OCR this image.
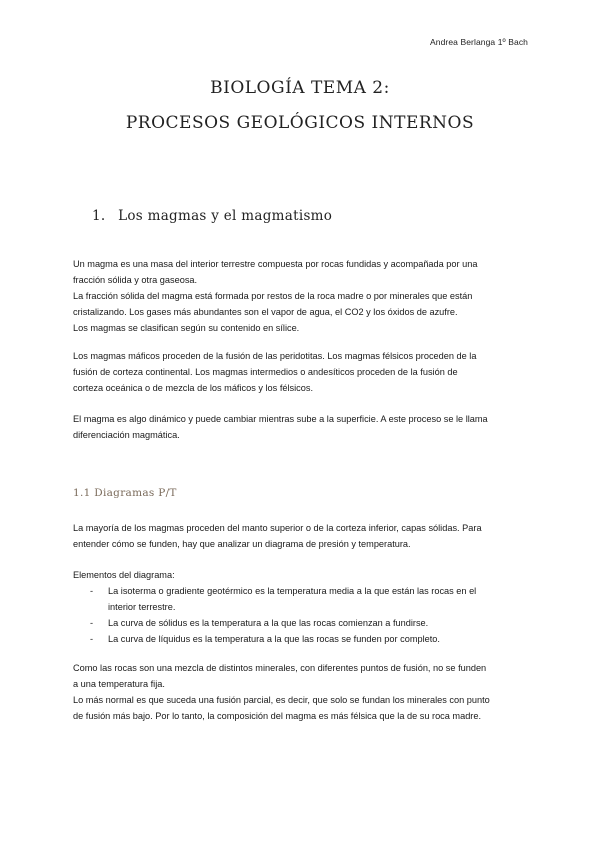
Andrea Berlanga 1º Bach
BIOLOGÍA TEMA 2:
PROCESOS GEOLÓGICOS INTERNOS
1. Los magmas y el magmatismo
Un magma es una masa del interior terrestre compuesta por rocas fundidas y acompañada por una
fracción sólida y otra gaseosa.
La fracción sólida del magma está formada por restos de la roca madre o por minerales que están
cristalizando. Los gases más abundantes son el vapor de agua, el CO2 y los óxidos de azufre.
Los magmas se clasifican según su contenido en sílice.
Los magmas máficos proceden de la fusión de las peridotitas. Los magmas félsicos proceden de la
fusión de corteza continental. Los magmas intermedios o andesíticos proceden de la fusión de
corteza oceánica o de mezcla de los máficos y los félsicos.
El magma es algo dinámico y puede cambiar mientras sube a la superficie. A este proceso se le llama
diferenciación magmática.
1.1 Diagramas P/T
La mayoría de los magmas proceden del manto superior o de la corteza inferior, capas sólidas. Para
entender cómo se funden, hay que analizar un diagrama de presión y temperatura.
Elementos del diagrama:
- La isoterma o gradiente geotérmico es la temperatura media a la que están las rocas en el
interior terrestre.
- La curva de sólidus es la temperatura a la que las rocas comienzan a fundirse.
- La curva de líquidus es la temperatura a la que las rocas se funden por completo.
Como las rocas son una mezcla de distintos minerales, con diferentes puntos de fusión, no se funden
a una temperatura fija.
Lo más normal es que suceda una fusión parcial, es decir, que solo se fundan los minerales con punto
de fusión más bajo. Por lo tanto, la composición del magma es más félsica que la de su roca madre.
